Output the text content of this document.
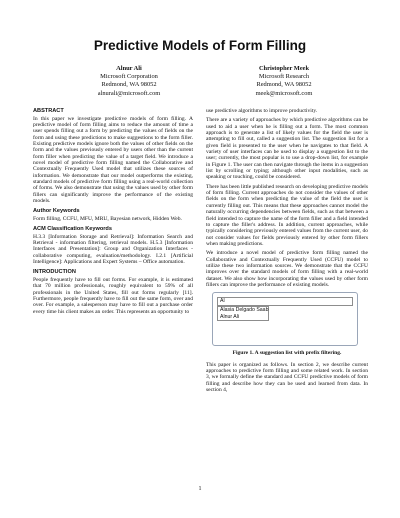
Predictive Models of Form Filling
Alnur Ali
Microsoft Corporation
Redmond, WA 98052
alnurali@microsoft.com
Christopher Meek
Microsoft Research
Redmond, WA 98052
meek@microsoft.com
ABSTRACT

In this paper we investigate predictive models of form filling. A predictive model of form filling aims to reduce the amount of time a user spends filling out a form by predicting the values of fields on the form and using these predictions to make suggestions to the form filler. Existing predictive models ignore both the values of other fields on the form and the values previously entered by users other than the current form filler when predicting the value of a target field. We introduce a novel model of predictive form filling named the Collaborative and Contextually Frequently Used model that utilizes these sources of information. We demonstrate that our model outperforms the existing, standard models of predictive form filling using a real-world collection of forms. We also demonstrate that using the values used by other form fillers can significantly improve the performance of the existing models.

Author Keywords

Form filling, CCFU, MFU, MRU, Bayesian network, Hidden Web.

ACM Classification Keywords

H.3.3 [Information Storage and Retrieval]: Information Search and Retrieval - information filtering, retrieval models. H.5.3 [Information Interfaces and Presentation]: Group and Organization Interfaces - collaborative computing, evaluation/methodology. I.2.1 [Artificial Intelligence]: Applications and Expert Systems – Office automation.

INTRODUCTION

People frequently have to fill out forms. For example, it is estimated that 70 million professionals, roughly equivalent to 59% of all professionals in the United States, fill out forms regularly [11]. Furthermore, people frequently have to fill out the same form, over and over. For example, a salesperson may have to fill out a purchase order every time his client makes an order. This represents an opportunity to

use predictive algorithms to improve productivity.

There are a variety of approaches by which predictive algorithms can be used to aid a user when he is filling out a form. The most common approach is to generate a list of likely values for the field the user is attempting to fill out, called a suggestion list. The suggestion list for a given field is presented to the user when he navigates to that field. A variety of user interfaces can be used to display a suggestion list to the user; currently, the most popular is to use a drop-down list, for example in Figure 1. The user can then navigate through the items in a suggestion list by scrolling or typing; although other input modalities, such as speaking or touching, could be considered.

There has been little published research on developing predictive models of form filling. Current approaches do not consider the values of other fields on the form when predicting the value of the field the user is currently filling out. This means that these approaches cannot model the naturally occurring dependencies between fields, such as that between a field intended to capture the name of the form filler and a field intended to capture the filler's address. In addition, current approaches, while typically considering previously entered values from the current user, do not consider values for fields previously entered by other form fillers when making predictions.

We introduce a novel model of predictive form filling named the Collaborative and Contextually Frequently Used (CCFU) model to utilize these two information sources. We demonstrate that the CCFU improves over the standard models of form filling with a real-world dataset. We also show how incorporating the values used by other form fillers can improve the performance of existing models.

Al
Alasia Delgado Saab
Alnur Ali
Figure 1. A suggestion list with prefix filtering.

This paper is organized as follows. In section 2, we describe current approaches to predictive form filling and some related work. In section 3, we formally define the standard and CCFU predictive models of form filling and describe how they can be used and learned from data. In section 4,

1
